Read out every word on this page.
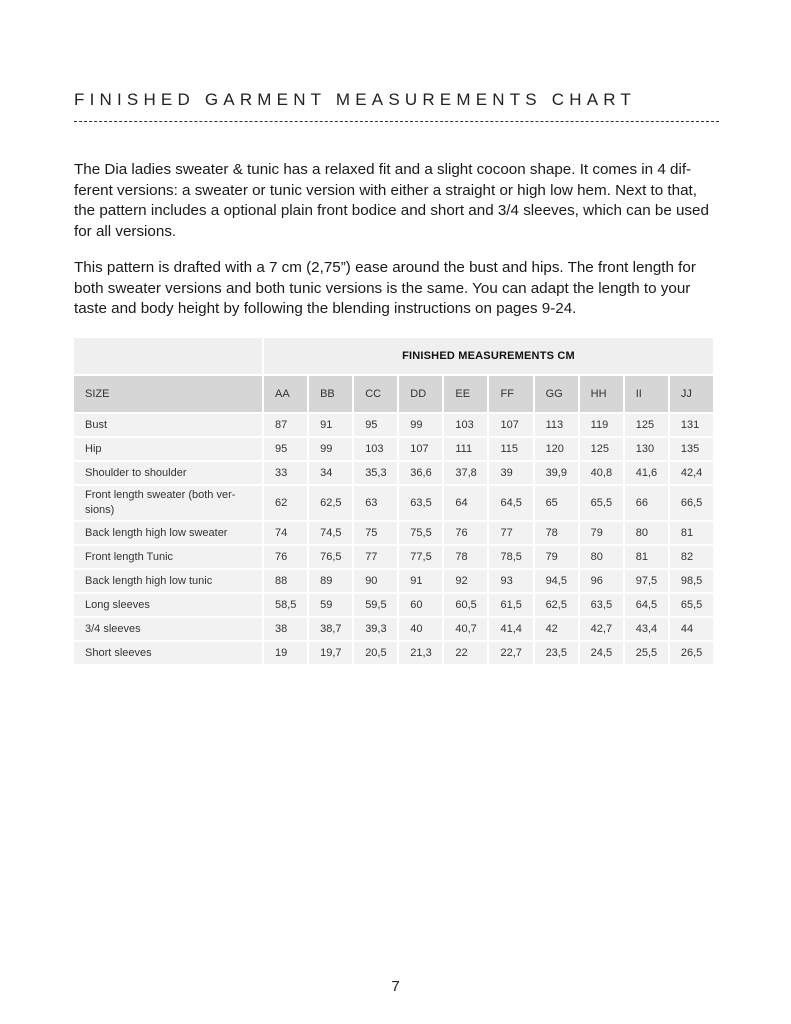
FINISHED GARMENT MEASUREMENTS CHART

The Dia ladies sweater & tunic has a relaxed fit and a slight cocoon shape. It comes in 4 dif-ferent versions: a sweater or tunic version with either a straight or high low hem. Next to that, the pattern includes a optional plain front bodice and short and 3/4 sleeves, which can be used for all versions.

This pattern is drafted with a 7 cm (2,75”) ease around the bust and hips. The front length for both sweater versions and both tunic versions is the same. You can adapt the length to your taste and body height by following the blending instructions on pages 9-24.

	FINISHED MEASUREMENTS CM									
SIZE	AA	BB	CC	DD	EE	FF	GG	HH	II	JJ
Bust	87	91	95	99	103	107	113	119	125	131
Hip	95	99	103	107	111	115	120	125	130	135
Shoulder to shoulder	33	34	35,3	36,6	37,8	39	39,9	40,8	41,6	42,4
Front length sweater (both ver-sions)	62	62,5	63	63,5	64	64,5	65	65,5	66	66,5
Back length high low sweater	74	74,5	75	75,5	76	77	78	79	80	81
Front length Tunic	76	76,5	77	77,5	78	78,5	79	80	81	82
Back length high low tunic	88	89	90	91	92	93	94,5	96	97,5	98,5
Long sleeves	58,5	59	59,5	60	60,5	61,5	62,5	63,5	64,5	65,5
3/4 sleeves	38	38,7	39,3	40	40,7	41,4	42	42,7	43,4	44
Short sleeves	19	19,7	20,5	21,3	22	22,7	23,5	24,5	25,5	26,5
7
